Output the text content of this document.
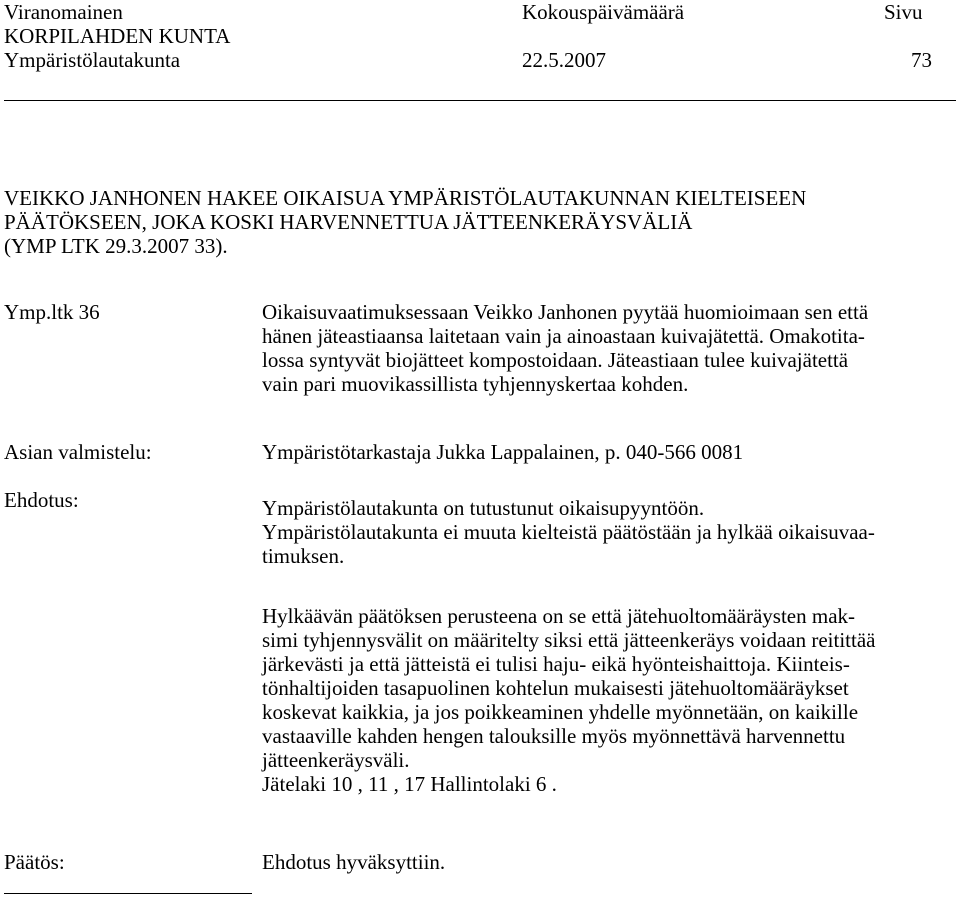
Viranomainen	Kokouspäivämäärä	Sivu
KORPILAHDEN KUNTA
Ympäristölautakunta	22.5.2007	73
VEIKKO JANHONEN HAKEE OIKAISUA YMPÄRISTÖLAUTAKUNNAN KIELTEISEEN
PÄÄTÖKSEEN, JOKA KOSKI HARVENNETTUA JÄTTEENKERÄYSVÄLIÄ
(YMP LTK 29.3.2007 33).
Ymp.ltk 36	Oikaisuvaatimuksessaan Veikko Janhonen pyytää huomioimaan sen että
hänen jäteastiaansa laitetaan vain ja ainoastaan kuivajätettä. Omakotita-
lossa syntyvät biojätteet kompostoidaan. Jäteastiaan tulee kuivajätettä
vain pari muovikassillista tyhjennyskertaa kohden.
Asian valmistelu:	Ympäristötarkastaja Jukka Lappalainen, p. 040-566 0081
Ehdotus:	Ympäristölautakunta on tutustunut oikaisupyyntöön.
Ympäristölautakunta ei muuta kielteistä päätöstään ja hylkää oikaisuvaa-
timuksen.
Hylkäävän päätöksen perusteena on se että jätehuoltomääräysten mak-
simi tyhjennysvälit on määritelty siksi että jätteenkeräys voidaan reitittää
järkevästi ja että jätteistä ei tulisi haju- eikä hyönteishaittoja. Kiinteis-
tönhaltijoiden tasapuolinen kohtelun mukaisesti jätehuoltomääräykset
koskevat kaikkia, ja jos poikkeaminen yhdelle myönnetään, on kaikille
vastaaville kahden hengen talouksille myös myönnettävä harvennettu
jätteenkeräysväli.
Jätelaki 10 , 11 , 17 Hallintolaki 6 .
Päätös:	Ehdotus hyväksyttiin.
